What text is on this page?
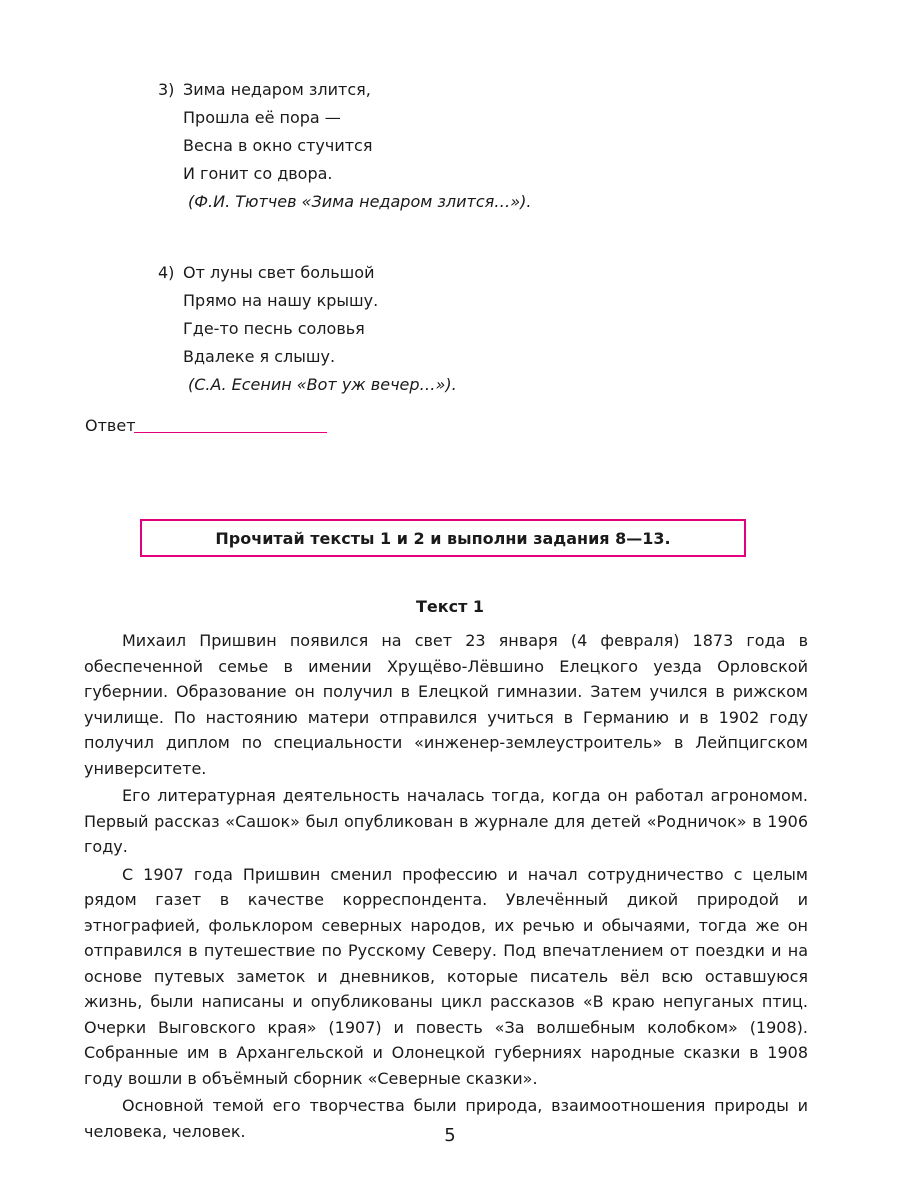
3) Зима недаром злится,
Прошла её пора —
Весна в окно стучится
И гонит со двора.
(Ф.И. Тютчев «Зима недаром злится…»).
4) От луны свет большой
Прямо на нашу крышу.
Где-то песнь соловья
Вдалеке я слышу.
(С.А. Есенин «Вот уж вечер…»).
Ответ
Прочитай тексты 1 и 2 и выполни задания 8—13.
Текст 1

Михаил Пришвин появился на свет 23 января (4 февраля) 1873 года в обеспеченной семье в имении Хрущёво-Лёвшино Елецкого уезда Орловской губернии. Образование он получил в Елецкой гимназии. Затем учился в рижском училище. По настоянию матери отправился учиться в Германию и в 1902 году получил диплом по специальности «инженер-землеустроитель» в Лейпцигском университете.

Его литературная деятельность началась тогда, когда он работал агрономом. Первый рассказ «Сашок» был опубликован в журнале для детей «Родничок» в 1906 году.

С 1907 года Пришвин сменил профессию и начал сотрудничество с целым рядом газет в качестве корреспондента. Увлечённый дикой природой и этнографией, фольклором северных народов, их речью и обычаями, тогда же он отправился в путешествие по Русскому Северу. Под впечатлением от поездки и на основе путевых заметок и дневников, которые писатель вёл всю оставшуюся жизнь, были написаны и опубликованы цикл рассказов «В краю непуганых птиц. Очерки Выговского края» (1907) и повесть «За волшебным колобком» (1908). Собранные им в Архангельской и Олонецкой губерниях народные сказки в 1908 году вошли в объёмный сборник «Северные сказки».

Основной темой его творчества были природа, взаимоотношения природы и человека, человек.	5
